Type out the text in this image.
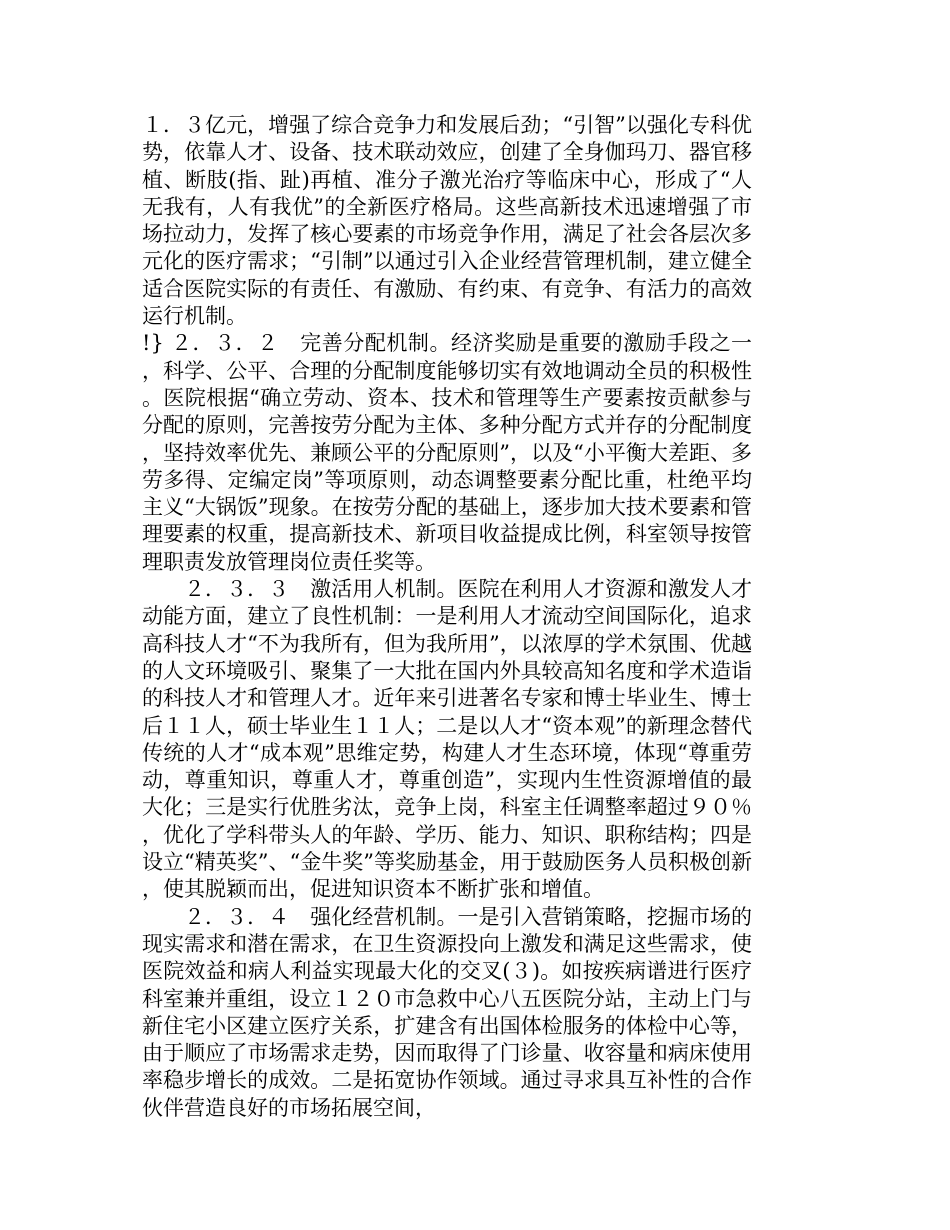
１．３亿元，增强了综合竞争力和发展后劲；“引智”以强化专科优势，依靠人才、设备、技术联动效应，创建了全身伽玛刀、器官移植、断肢(指、趾)再植、准分子激光治疗等临床中心，形成了“人无我有，人有我优”的全新医疗格局。这些高新技术迅速增强了市场拉动力，发挥了核心要素的市场竞争作用，满足了社会各层次多元化的医疗需求；“引制”以通过引入企业经营管理机制，建立健全适合医院实际的有责任、有激励、有约束、有竞争、有活力的高效运行机制。

!} ２．３．２　完善分配机制。经济奖励是重要的激励手段之一，科学、公平、合理的分配制度能够切实有效地调动全员的积极性。医院根据“确立劳动、资本、技术和管理等生产要素按贡献参与分配的原则，完善按劳分配为主体、多种分配方式并存的分配制度，坚持效率优先、兼顾公平的分配原则”，以及“小平衡大差距、多劳多得、定编定岗”等项原则，动态调整要素分配比重，杜绝平均主义“大锅饭”现象。在按劳分配的基础上，逐步加大技术要素和管理要素的权重，提高新技术、新项目收益提成比例，科室领导按管理职责发放管理岗位责任奖等。

２．３．３　激活用人机制。医院在利用人才资源和激发人才动能方面，建立了良性机制：一是利用人才流动空间国际化，追求高科技人才“不为我所有，但为我所用”，以浓厚的学术氛围、优越的人文环境吸引、聚集了一大批在国内外具较高知名度和学术造诣的科技人才和管理人才。近年来引进著名专家和博士毕业生、博士后１１人，硕士毕业生１１人；二是以人才“资本观”的新理念替代传统的人才“成本观”思维定势，构建人才生态环境，体现“尊重劳动，尊重知识，尊重人才，尊重创造”，实现内生性资源增值的最大化；三是实行优胜劣汰，竞争上岗，科室主任调整率超过９０％，优化了学科带头人的年龄、学历、能力、知识、职称结构；四是设立“精英奖”、“金牛奖”等奖励基金，用于鼓励医务人员积极创新，使其脱颖而出，促进知识资本不断扩张和增值。

２．３．４　强化经营机制。一是引入营销策略，挖掘市场的现实需求和潜在需求，在卫生资源投向上激发和满足这些需求，使医院效益和病人利益实现最大化的交叉(３)。如按疾病谱进行医疗科室兼并重组，设立１２０市急救中心八五医院分站，主动上门与新住宅小区建立医疗关系，扩建含有出国体检服务的体检中心等，由于顺应了市场需求走势，因而取得了门诊量、收容量和病床使用率稳步增长的成效。二是拓宽协作领域。通过寻求具互补性的合作伙伴营造良好的市场拓展空间，
